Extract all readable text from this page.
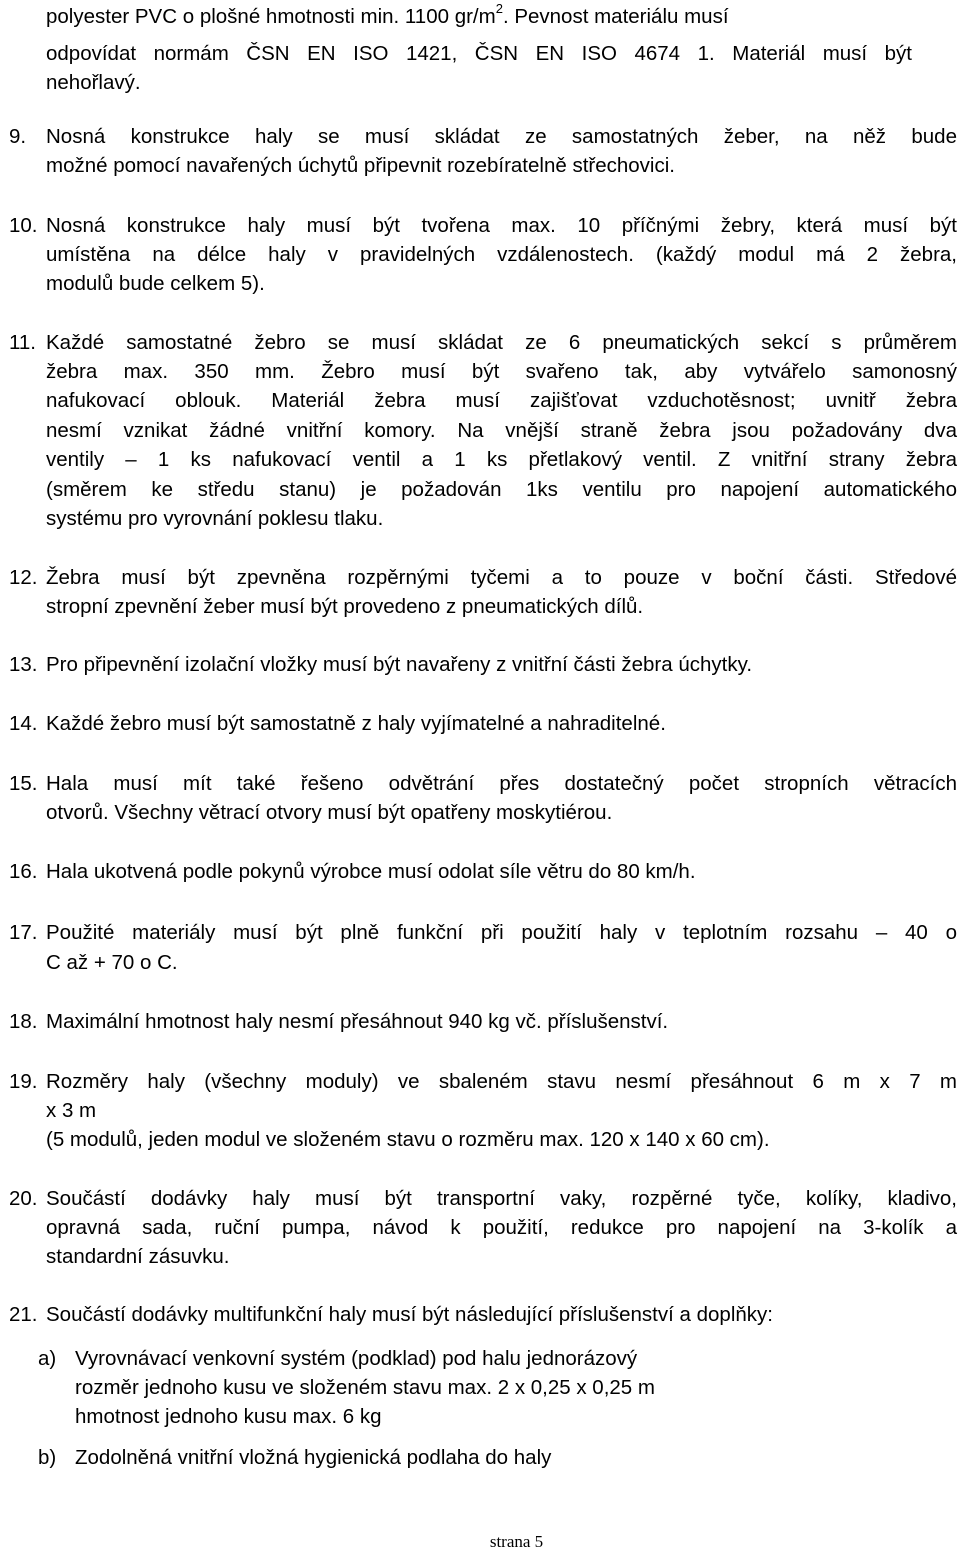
polyester PVC o plošné hmotnosti min. 1100 $gr/m^2$. Pevnost materiálu musí
odpovídat normám ČSN EN ISO 1421, ČSN EN ISO 4674 1. Materiál musí být
nehořlavý.
9. Nosná konstrukce haly se musí skládat ze samostatných žeber, na něž bude
možné pomocí navařených úchytů připevnit rozebíratelně střechovici.
10. Nosná konstrukce haly musí být tvořena max. 10 příčnými žebry, která musí být
umístěna na délce haly v pravidelných vzdálenostech. (každý modul má 2 žebra,
modulů bude celkem 5).
11. Každé samostatné žebro se musí skládat ze 6 pneumatických sekcí s průměrem
žebra max. 350 mm. Žebro musí být svařeno tak, aby vytvářelo samonosný
nafukovací oblouk. Materiál žebra musí zajišťovat vzduchotěsnost; uvnitř žebra
nesmí vznikat žádné vnitřní komory. Na vnější straně žebra jsou požadovány dva
ventily – 1 ks nafukovací ventil a 1 ks přetlakový ventil. Z vnitřní strany žebra
(směrem ke středu stanu) je požadován 1ks ventilu pro napojení automatického
systému pro vyrovnání poklesu tlaku.
12. Žebra musí být zpevněna rozpěrnými tyčemi a to pouze v boční části. Středové
stropní zpevnění žeber musí být provedeno z pneumatických dílů.
13. Pro připevnění izolační vložky musí být navařeny z vnitřní části žebra úchytky.
14. Každé žebro musí být samostatně z haly vyjímatelné a nahraditelné.
15. Hala musí mít také řešeno odvětrání přes dostatečný počet stropních větracích
otvorů. Všechny větrací otvory musí být opatřeny moskytiérou.
16. Hala ukotvená podle pokynů výrobce musí odolat síle větru do 80 km/h.
17. Použité materiály musí být plně funkční při použití haly v teplotním rozsahu – 40 o
C až + 70 o C.
18. Maximální hmotnost haly nesmí přesáhnout 940 kg vč. příslušenství.
19. Rozměry haly (všechny moduly) ve sbaleném stavu nesmí přesáhnout 6 m x 7 m
x 3 m
(5 modulů, jeden modul ve složeném stavu o rozměru max. 120 x 140 x 60 cm).
20. Součástí dodávky haly musí být transportní vaky, rozpěrné tyče, kolíky, kladivo,
opravná sada, ruční pumpa, návod k použití, redukce pro napojení na 3-kolík a
standardní zásuvku.
21. Součástí dodávky multifunkční haly musí být následující příslušenství a doplňky:
a) Vyrovnávací venkovní systém (podklad) pod halu jednorázový
rozměr jednoho kusu ve složeném stavu max. 2 x 0,25 x 0,25 m
hmotnost jednoho kusu max. 6 kg
b) Zodolněná vnitřní vložná hygienická podlaha do haly
strana 5
